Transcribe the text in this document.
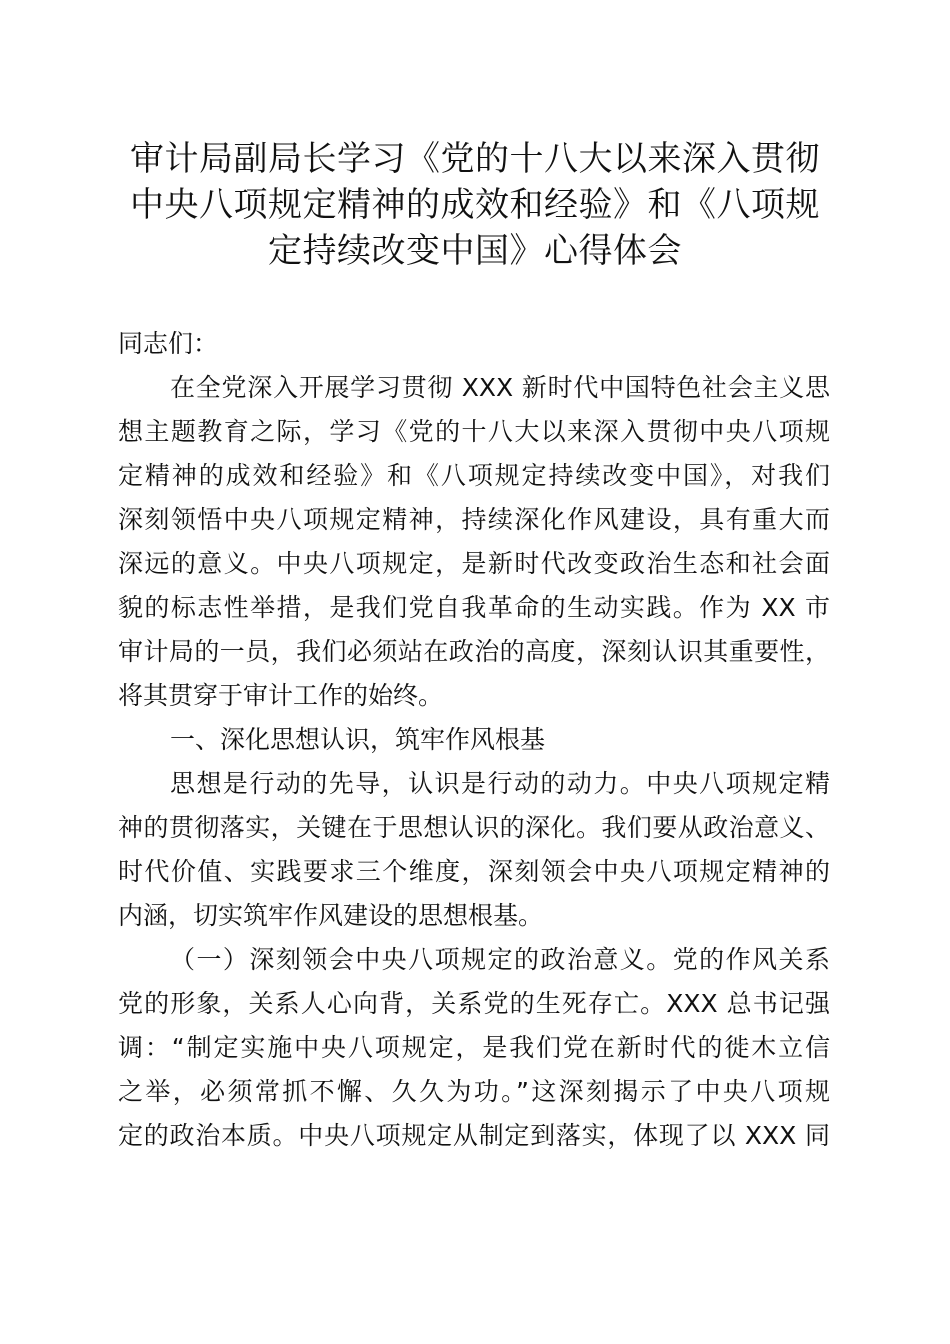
审计局副局长学习《党的十八大以来深入贯彻
中央八项规定精神的成效和经验》和《八项规
定持续改变中国》心得体会
同志们：
在全党深入开展学习贯彻 XXX 新时代中国特色社会主义思
想主题教育之际，学习《党的十八大以来深入贯彻中央八项规
定精神的成效和经验》和《八项规定持续改变中国》，对我们
深刻领悟中央八项规定精神，持续深化作风建设，具有重大而
深远的意义。中央八项规定，是新时代改变政治生态和社会面
貌的标志性举措，是我们党自我革命的生动实践。作为 XX 市
审计局的一员，我们必须站在政治的高度，深刻认识其重要性，
将其贯穿于审计工作的始终。
一、深化思想认识，筑牢作风根基
思想是行动的先导，认识是行动的动力。中央八项规定精
神的贯彻落实，关键在于思想认识的深化。我们要从政治意义、
时代价值、实践要求三个维度，深刻领会中央八项规定精神的
内涵，切实筑牢作风建设的思想根基。
（一）深刻领会中央八项规定的政治意义。党的作风关系
党的形象，关系人心向背，关系党的生死存亡。XXX 总书记强
调：“制定实施中央八项规定，是我们党在新时代的徙木立信
之举，必须常抓不懈、久久为功。”这深刻揭示了中央八项规
定的政治本质。中央八项规定从制定到落实，体现了以 XXX 同
